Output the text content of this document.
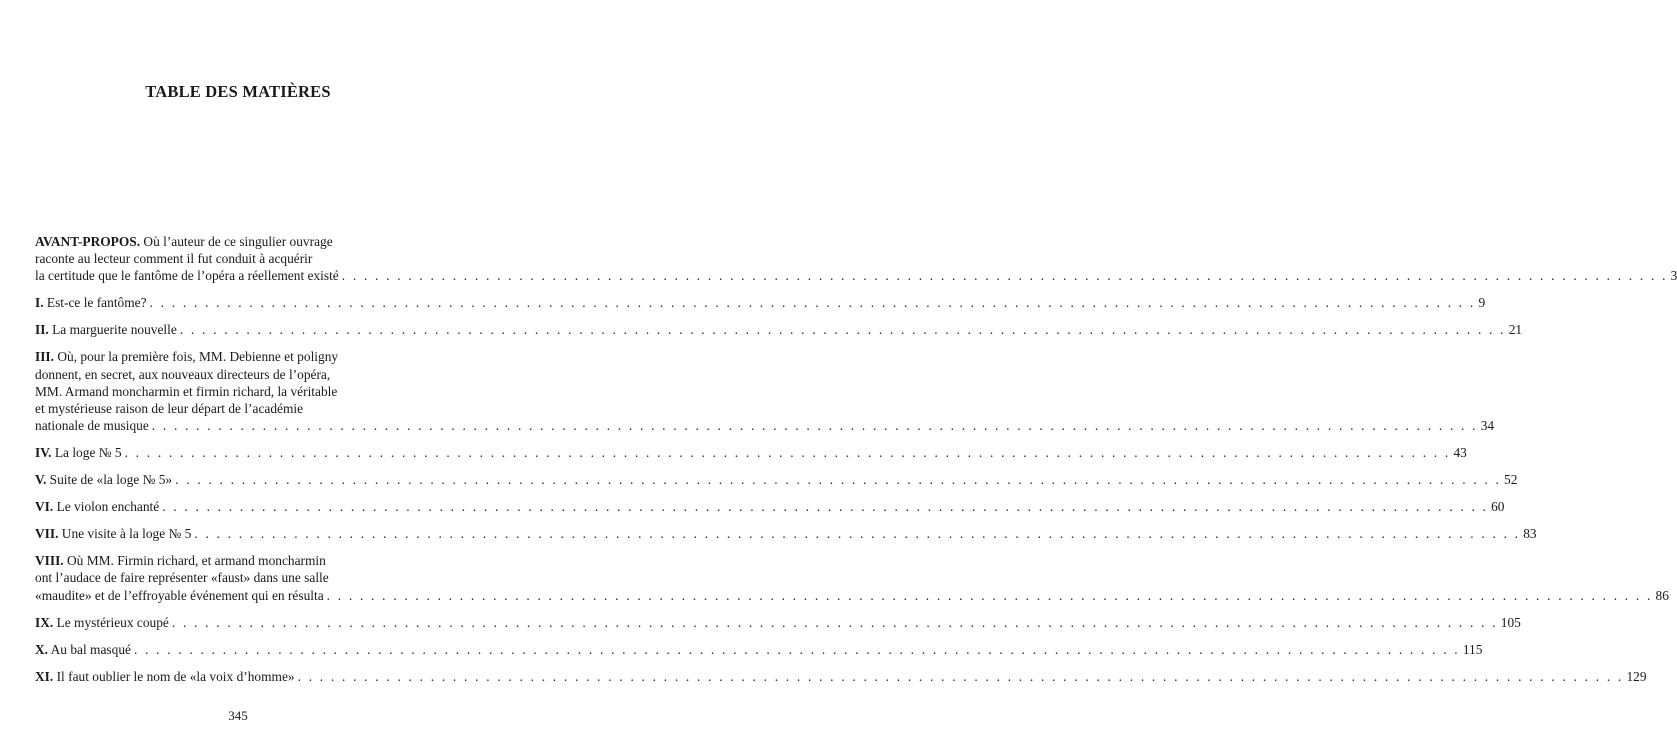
TABLE DES MATIÈRES
AVANT-PROPOS. Où l’auteur de ce singulier ouvrage
raconte au lecteur comment il fut conduit à acquérir
la certitude que le fantôme de l’opéra a réellement existé . . . . . . . . . . . . . . . . . . . . . . . . . . . . . . . . . . . . . . . . . . . . . . . . . . . . . . . . . . . . . . . . . . . . . . . . . . . . . . . . . . . . . . . . . . . . . . . . . . . . . . . . . . . . . . . . . . . . . . . . 3
I. Est-ce le fantôme? . . . . . . . . . . . . . . . . . . . . . . . . . . . . . . . . . . . . . . . . . . . . . . . . . . . . . . . . . . . . . . . . . . . . . . . . . . . . . . . . . . . . . . . . . . . . . . . . . . . . . . . . . . . . . . . . . . . . . . . . 9
II. La marguerite nouvelle . . . . . . . . . . . . . . . . . . . . . . . . . . . . . . . . . . . . . . . . . . . . . . . . . . . . . . . . . . . . . . . . . . . . . . . . . . . . . . . . . . . . . . . . . . . . . . . . . . . . . . . . . . . . . . . . . . . . . . . . 21
III. Où, pour la première fois, MM. Debienne et poligny
donnent, en secret, aux nouveaux directeurs de l’opéra,
MM. Armand moncharmin et firmin richard, la véritable
et mystérieuse raison de leur départ de l’académie
nationale de musique . . . . . . . . . . . . . . . . . . . . . . . . . . . . . . . . . . . . . . . . . . . . . . . . . . . . . . . . . . . . . . . . . . . . . . . . . . . . . . . . . . . . . . . . . . . . . . . . . . . . . . . . . . . . . . . . . . . . . . . . 34
IV. La loge № 5 . . . . . . . . . . . . . . . . . . . . . . . . . . . . . . . . . . . . . . . . . . . . . . . . . . . . . . . . . . . . . . . . . . . . . . . . . . . . . . . . . . . . . . . . . . . . . . . . . . . . . . . . . . . . . . . . . . . . . . . . 43
V. Suite de «la loge № 5» . . . . . . . . . . . . . . . . . . . . . . . . . . . . . . . . . . . . . . . . . . . . . . . . . . . . . . . . . . . . . . . . . . . . . . . . . . . . . . . . . . . . . . . . . . . . . . . . . . . . . . . . . . . . . . . . . . . . . . . . 52
VI. Le violon enchanté . . . . . . . . . . . . . . . . . . . . . . . . . . . . . . . . . . . . . . . . . . . . . . . . . . . . . . . . . . . . . . . . . . . . . . . . . . . . . . . . . . . . . . . . . . . . . . . . . . . . . . . . . . . . . . . . . . . . . . . . 60
VII. Une visite à la loge № 5 . . . . . . . . . . . . . . . . . . . . . . . . . . . . . . . . . . . . . . . . . . . . . . . . . . . . . . . . . . . . . . . . . . . . . . . . . . . . . . . . . . . . . . . . . . . . . . . . . . . . . . . . . . . . . . . . . . . . . . . . 83
VIII. Où MM. Firmin richard, et armand moncharmin
ont l’audace de faire représenter «faust» dans une salle
«maudite» et de l’effroyable événement qui en résulta . . . . . . . . . . . . . . . . . . . . . . . . . . . . . . . . . . . . . . . . . . . . . . . . . . . . . . . . . . . . . . . . . . . . . . . . . . . . . . . . . . . . . . . . . . . . . . . . . . . . . . . . . . . . . . . . . . . . . . . . 86
IX. Le mystérieux coupé . . . . . . . . . . . . . . . . . . . . . . . . . . . . . . . . . . . . . . . . . . . . . . . . . . . . . . . . . . . . . . . . . . . . . . . . . . . . . . . . . . . . . . . . . . . . . . . . . . . . . . . . . . . . . . . . . . . . . . . . 105
X. Au bal masqué . . . . . . . . . . . . . . . . . . . . . . . . . . . . . . . . . . . . . . . . . . . . . . . . . . . . . . . . . . . . . . . . . . . . . . . . . . . . . . . . . . . . . . . . . . . . . . . . . . . . . . . . . . . . . . . . . . . . . . . . 115
XI. Il faut oublier le nom de «la voix d’homme» . . . . . . . . . . . . . . . . . . . . . . . . . . . . . . . . . . . . . . . . . . . . . . . . . . . . . . . . . . . . . . . . . . . . . . . . . . . . . . . . . . . . . . . . . . . . . . . . . . . . . . . . . . . . . . . . . . . . . . . . 129
345
